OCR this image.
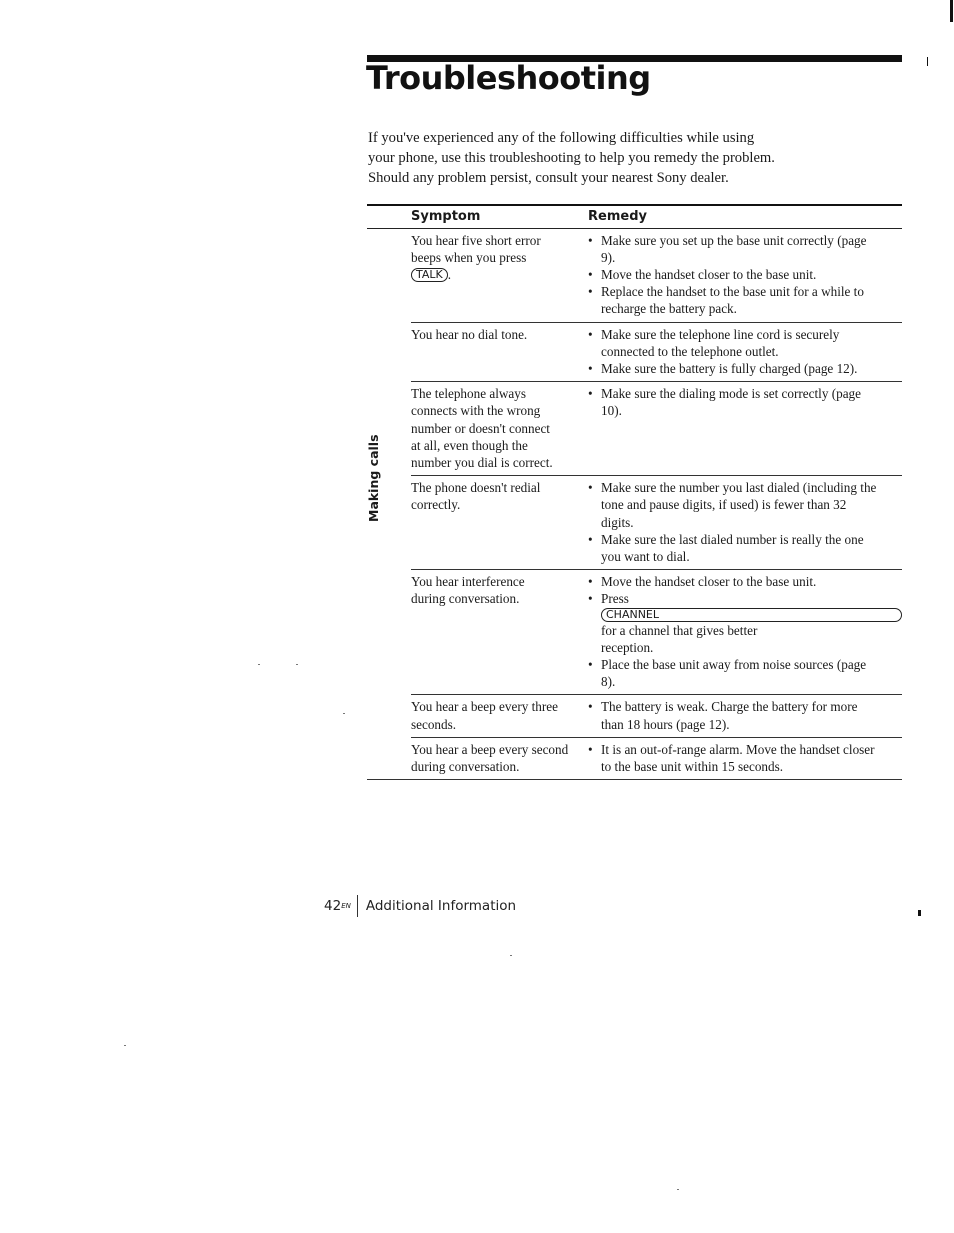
Troubleshooting

If you've experienced any of the following difficulties while using
your phone, use this troubleshooting to help you remedy the problem.
Should any problem persist, consult your nearest Sony dealer.

Symptom	Remedy
You hear five short error
beeps when you press
TALK .
• Make sure you set up the base unit correctly (page
9).
• Move the handset closer to the base unit.
• Replace the handset to the base unit for a while to
recharge the battery pack.
You hear no dial tone.
•	Make sure the telephone line cord is securely
connected to the telephone outlet.
• Make sure the battery is fully charged (page 12).
The telephone always
connects with the wrong
number or doesn't connect
at all, even though the
number you dial is correct.
• Make sure the dialing mode is set correctly (page
10).
The phone doesn't redial
correctly.
• Make sure the number you last dialed (including the
tone and pause digits, if used) is fewer than 32
digits.
• Make sure the last dialed number is really the one
you want to dial.
You hear interference
during conversation.
• Move the handset closer to the base unit.
• Press
CHANNEL
for a channel that gives better
reception.
• Place the base unit away from noise sources (page
8).
You hear a beep every three
seconds.
• The battery is weak. Charge the battery for more
than 18 hours (page 12).
You hear a beep every second
during conversation.
• It is an out-of-range alarm. Move the handset closer
to the base unit within 15 seconds.
Making calls
42 EN Additional Information
